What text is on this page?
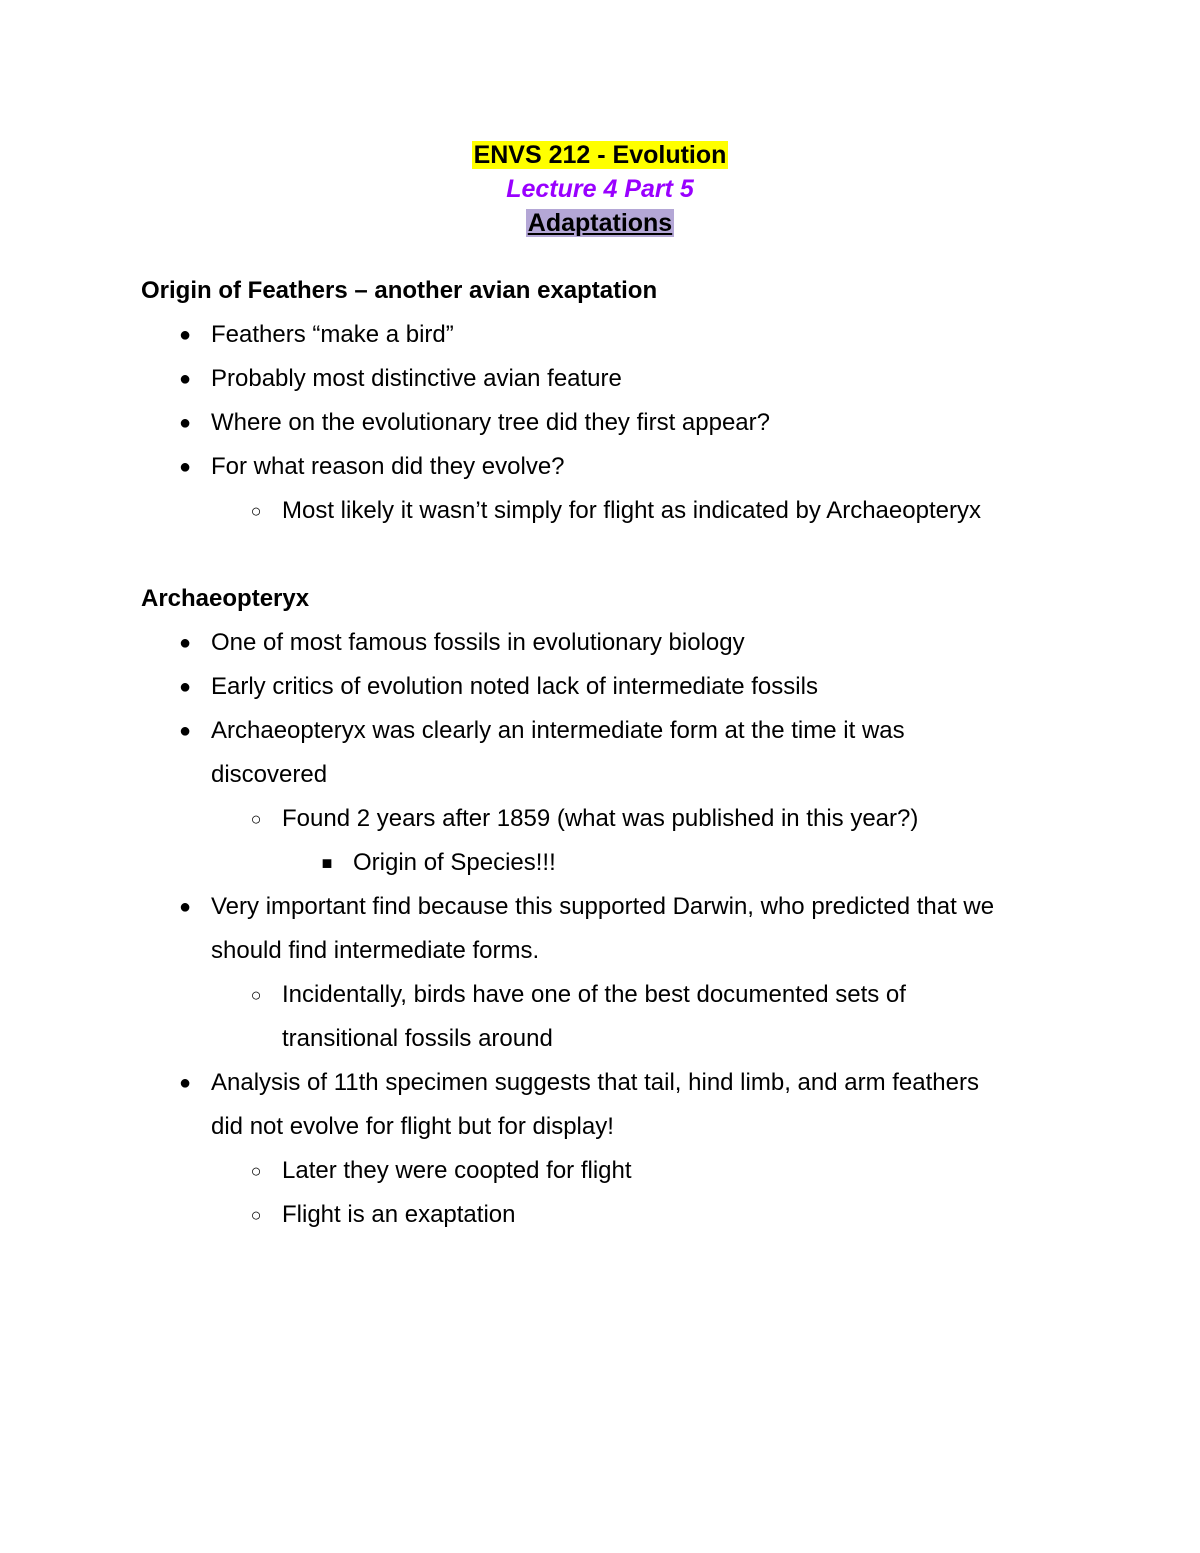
ENVS 212 - Evolution
Lecture 4 Part 5
Adaptations
Origin of Feathers – another avian exaptation
● Feathers “make a bird”
● Probably most distinctive avian feature
● Where on the evolutionary tree did they first appear?
● For what reason did they evolve?
○ Most likely it wasn’t simply for flight as indicated by Archaeopteryx
Archaeopteryx
● One of most famous fossils in evolutionary biology
● Early critics of evolution noted lack of intermediate fossils
● Archaeopteryx was clearly an intermediate form at the time it was
discovered
○ Found 2 years after 1859 (what was published in this year?)
■ Origin of Species!!!
● Very important find because this supported Darwin, who predicted that we
should find intermediate forms.
○ Incidentally, birds have one of the best documented sets of
transitional fossils around
● Analysis of 11th specimen suggests that tail, hind limb, and arm feathers
did not evolve for flight but for display!
○ Later they were coopted for flight
○ Flight is an exaptation
